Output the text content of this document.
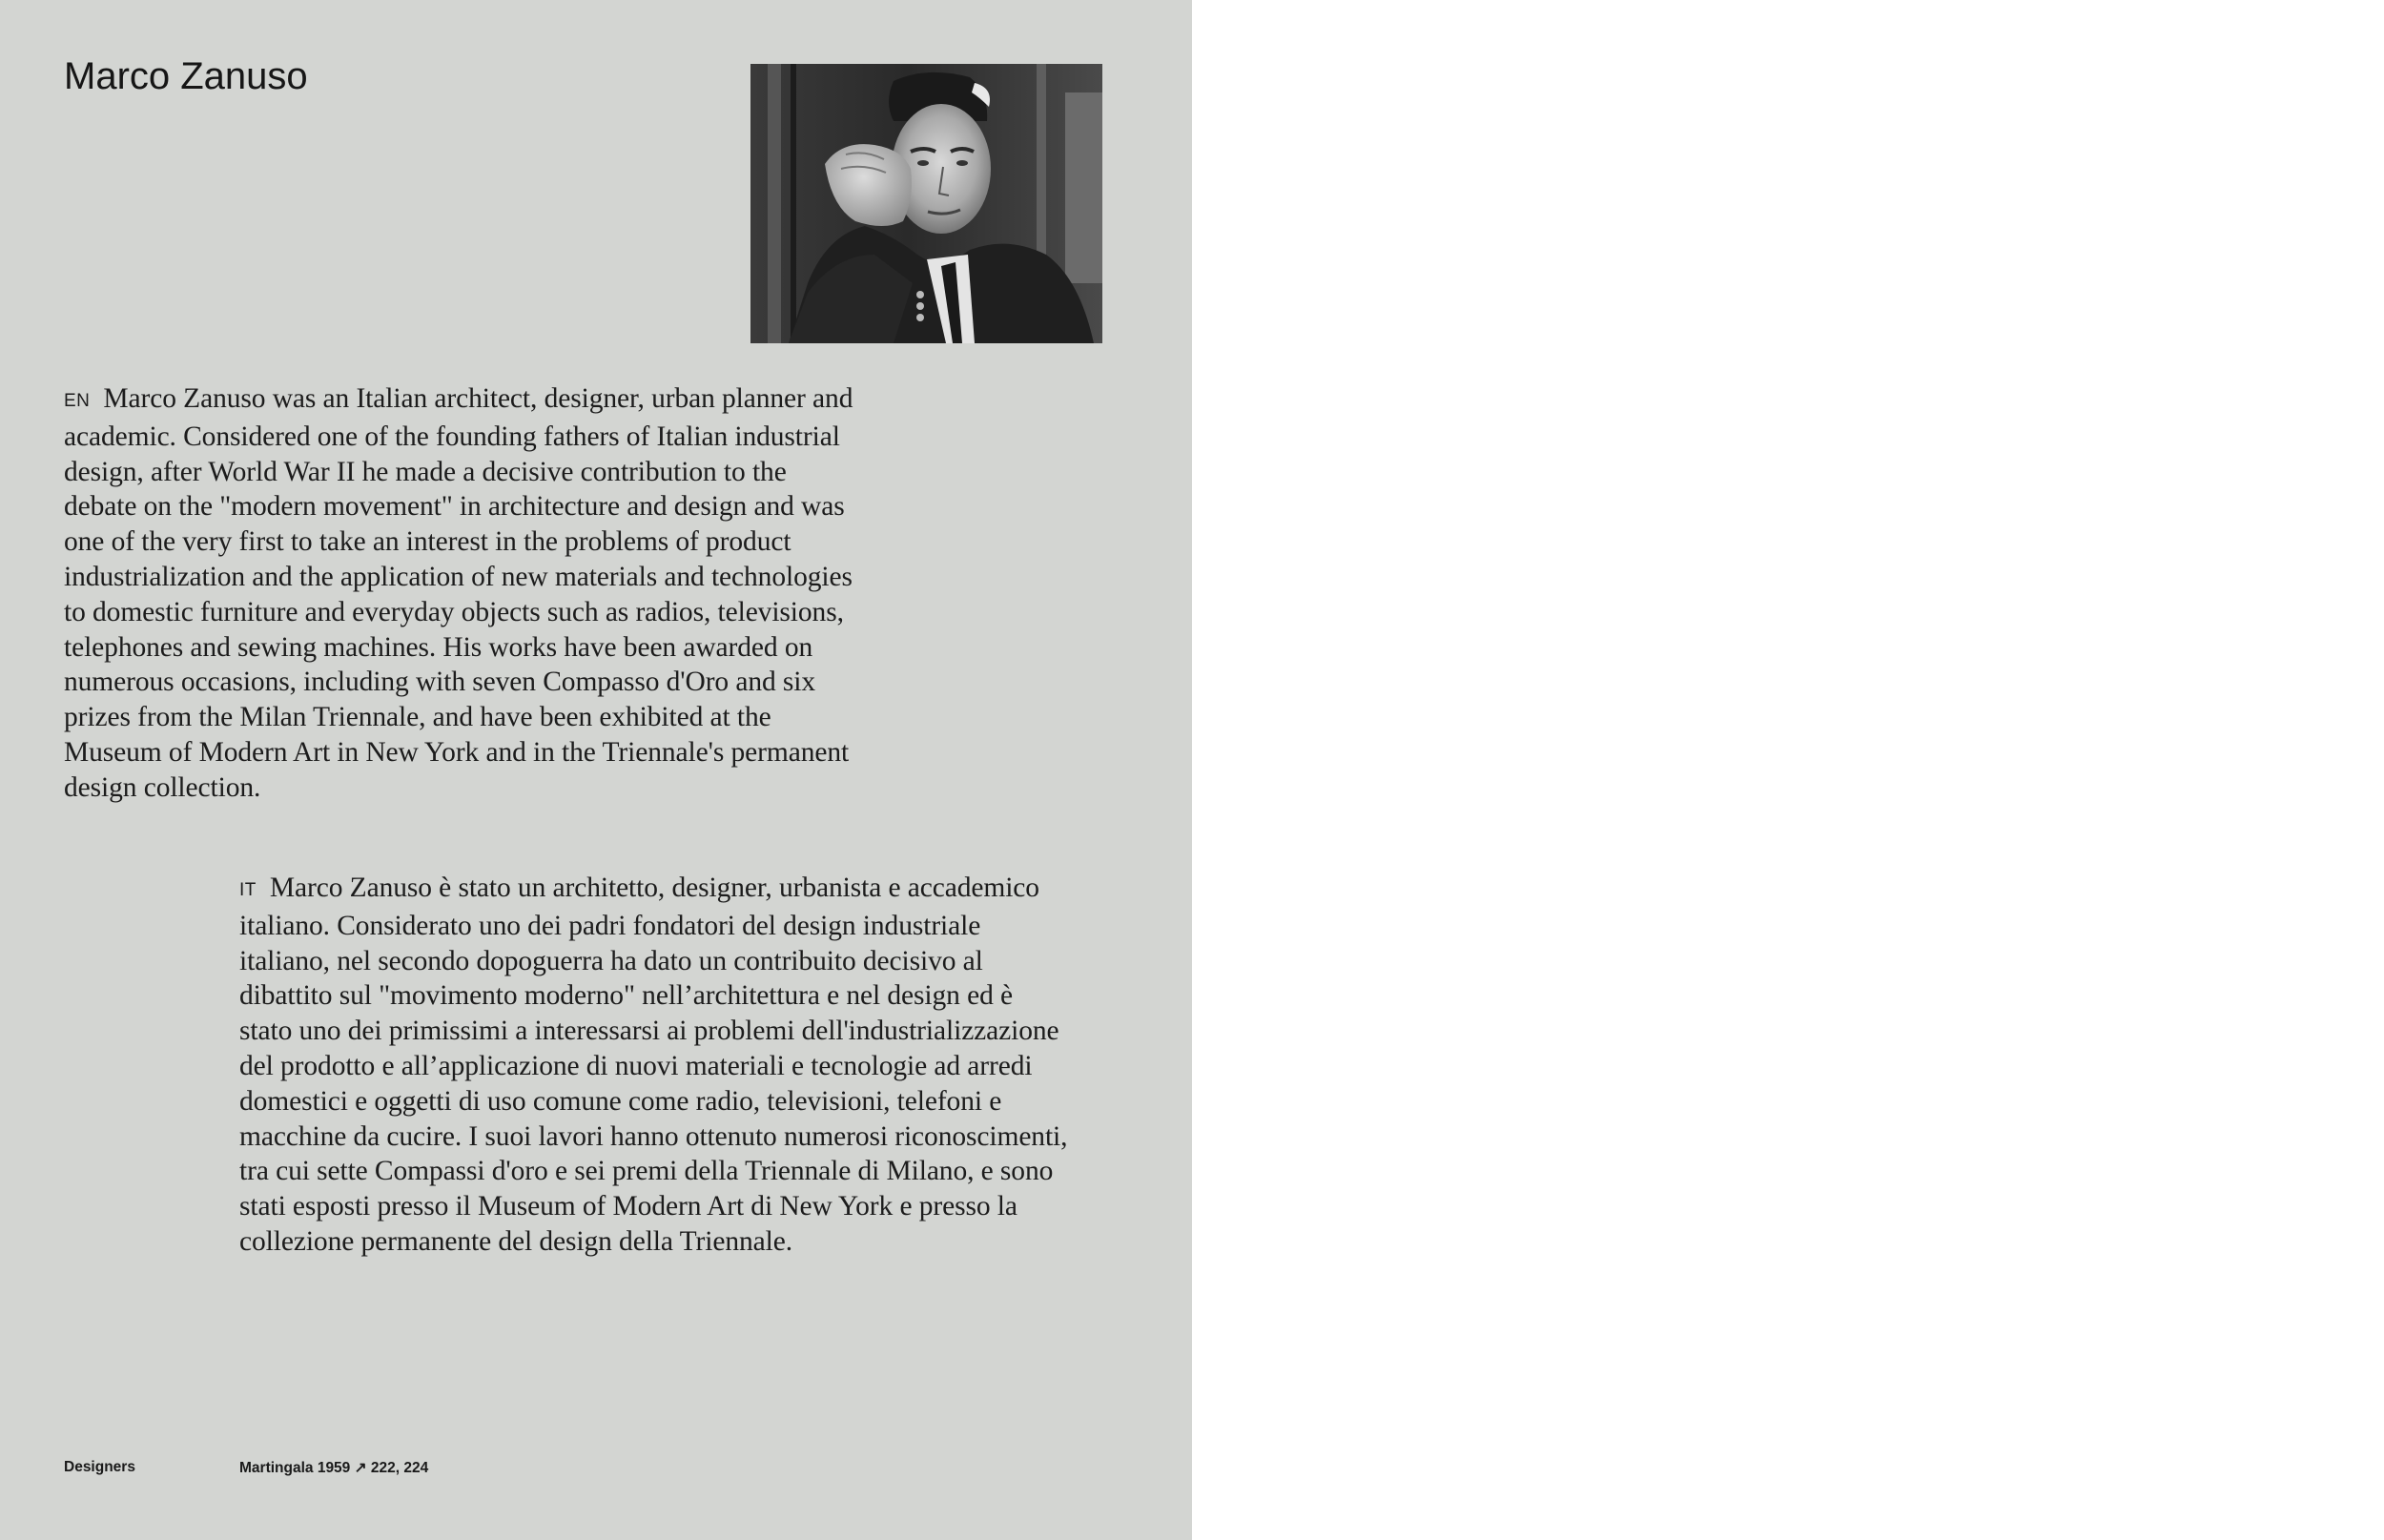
Marco Zanuso

EN Marco Zanuso was an Italian architect, designer, urban planner and academic. Considered one of the founding fathers of Italian industrial design, after World War II he made a decisive contribution to the debate on the "modern movement" in architecture and design and was one of the very first to take an interest in the problems of product industrialization and the application of new materials and technologies to domestic furniture and everyday objects such as radios, televisions, telephones and sewing machines. His works have been awarded on numerous occasions, including with seven Compasso d'Oro and six prizes from the Milan Triennale, and have been exhibited at the Museum of Modern Art in New York and in the Triennale's permanent design collection.

IT Marco Zanuso è stato un architetto, designer, urbanista e accademico italiano. Considerato uno dei padri fondatori del design industriale italiano, nel secondo dopoguerra ha dato un contribuito decisivo al dibattito sul "movimento moderno" nell’architettura e nel design ed è stato uno dei primissimi a interessarsi ai problemi dell'industrializzazione del prodotto e all’applicazione di nuovi materiali e tecnologie ad arredi domestici e oggetti di uso comune come radio, televisioni, telefoni e macchine da cucire. I suoi lavori hanno ottenuto numerosi riconoscimenti, tra cui sette Compassi d'oro e sei premi della Triennale di Milano, e sono stati esposti presso il Museum of Modern Art di New York e presso la collezione permanente del design della Triennale.

Designers	Martingala 1959 ↗ 222, 224
